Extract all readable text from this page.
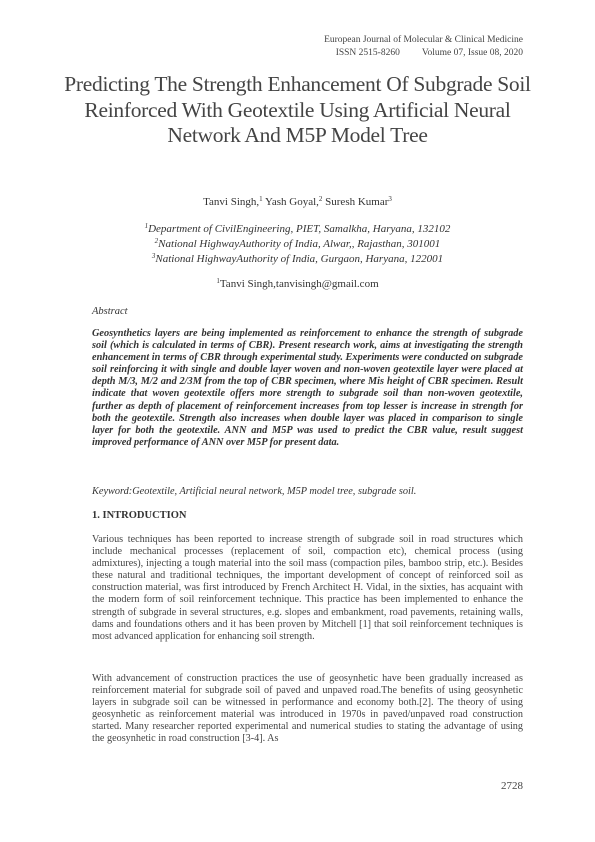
European Journal of Molecular & Clinical Medicine
ISSN 2515-8260 Volume 07, Issue 08, 2020
Predicting The Strength Enhancement Of Subgrade Soil Reinforced With Geotextile Using Artificial Neural Network And M5P Model Tree
Tanvi Singh,$^1$ Yash Goyal,$^2$ Suresh Kumar$^3$
$^1$Department of CivilEngineering, PIET, Samalkha, Haryana, 132102
$^2$National HighwayAuthority of India, Alwar,, Rajasthan, 301001
$^3$National HighwayAuthority of India, Gurgaon, Haryana, 122001
$^1$Tanvi Singh,tanvisingh@gmail.com
Abstract
Geosynthetics layers are being implemented as reinforcement to enhance the strength of subgrade soil (which is calculated in terms of CBR). Present research work, aims at investigating the strength enhancement in terms of CBR through experimental study. Experiments were conducted on subgrade soil reinforcing it with single and double layer woven and non-woven geotextile layer were placed at depth M/3, M/2 and 2/3M from the top of CBR specimen, where Mis height of CBR specimen. Result indicate that woven geotextile offers more strength to subgrade soil than non-woven geotextile, further as depth of placement of reinforcement increases from top lesser is increase in strength for both the geotextile. Strength also increases when double layer was placed in comparison to single layer for both the geotextile. ANN and M5P was used to predict the CBR value, result suggest improved performance of ANN over M5P for present data.
Keyword:Geotextile, Artificial neural network, M5P model tree, subgrade soil.
1. INTRODUCTION

Various techniques has been reported to increase strength of subgrade soil in road structures which include mechanical processes (replacement of soil, compaction etc), chemical process (using admixtures), injecting a tough material into the soil mass (compaction piles, bamboo strip, etc.). Besides these natural and traditional techniques, the important development of concept of reinforced soil as construction material, was first introduced by French Architect H. Vidal, in the sixties, has acquaint with the modern form of soil reinforcement technique. This practice has been implemented to enhance the strength of subgrade in several structures, e.g. slopes and embankment, road pavements, retaining walls, dams and foundations others and it has been proven by Mitchell [1] that soil reinforcement techniques is most advanced application for enhancing soil strength.

With advancement of construction practices the use of geosynhetic have been gradually increased as reinforcement material for subgrade soil of paved and unpaved road.The benefits of using geosynhetic layers in subgrade soil can be witnessed in performance and economy both.[2]. The theory of using geosynhetic as reinforcement material was introduced in 1970s in paved/unpaved road construction started. Many researcher reported experimental and numerical studies to stating the advantage of using the geosynhetic in road construction [3-4]. As

2728
